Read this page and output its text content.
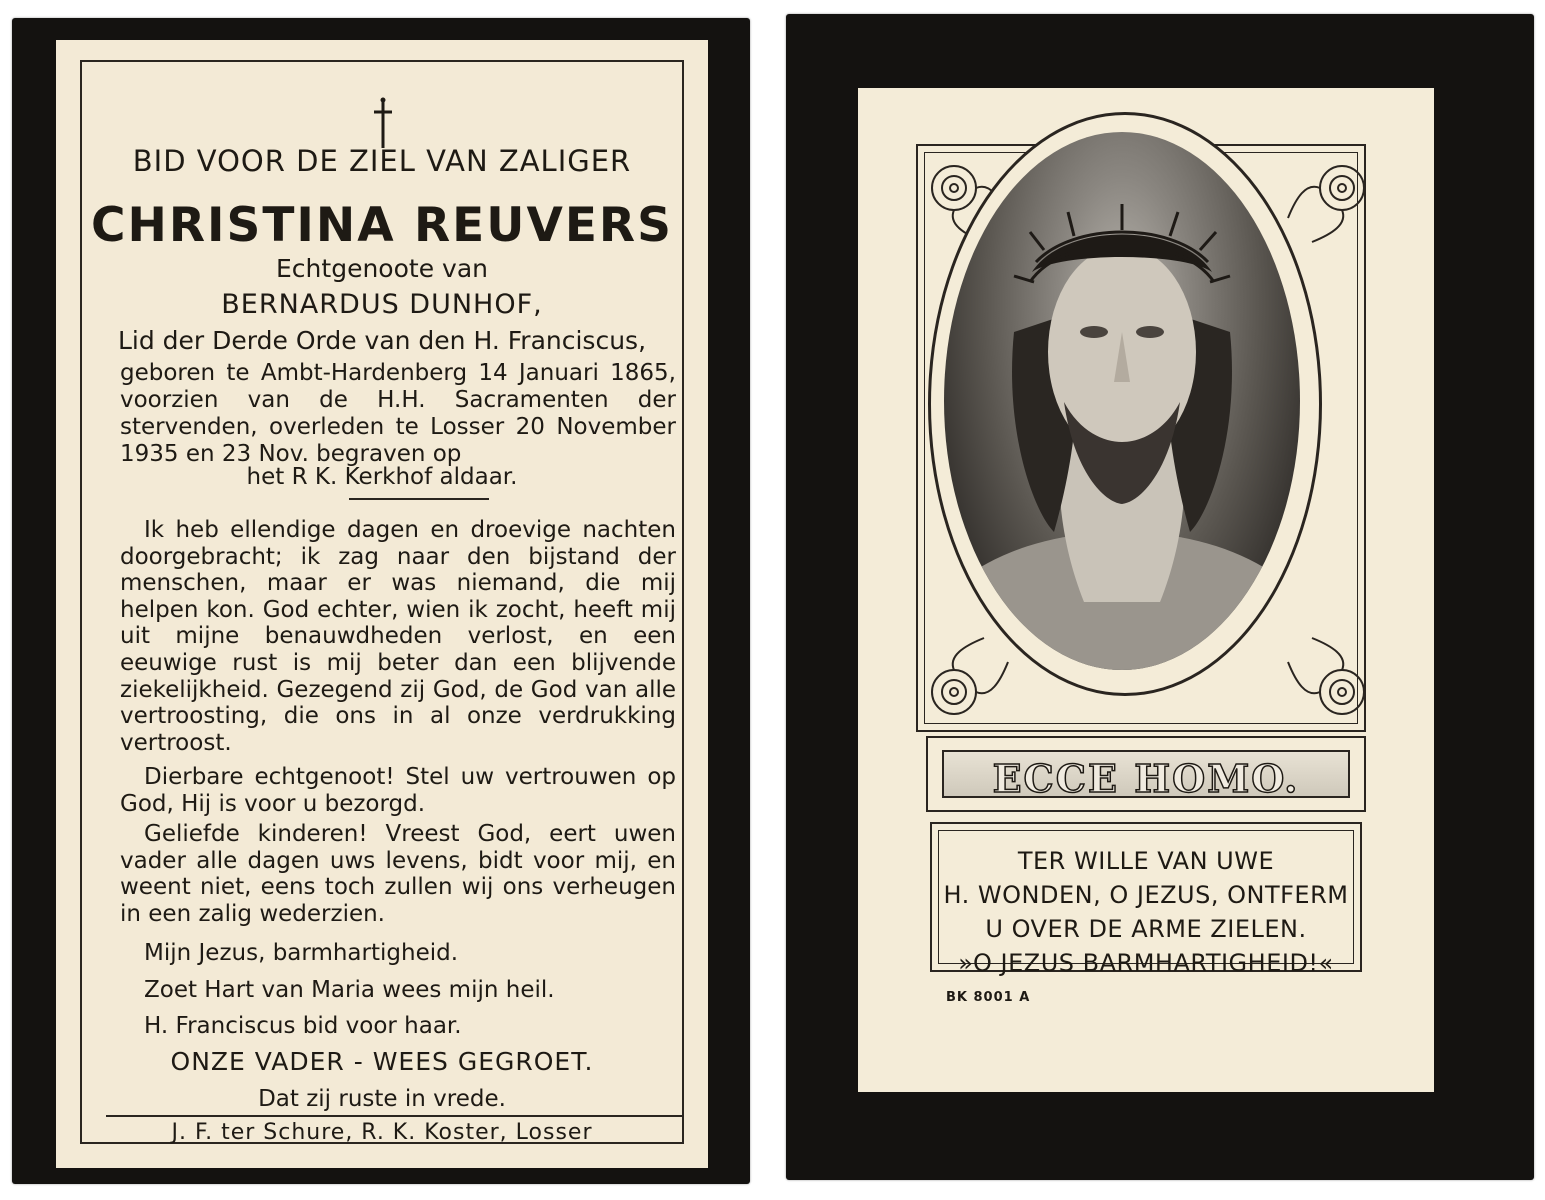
BID VOOR DE ZIEL VAN ZALIGER
CHRISTINA REUVERS
Echtgenoote van
BERNARDUS DUNHOF,
Lid der Derde Orde van den H. Franciscus,
geboren te Ambt-Hardenberg 14 Januari 1865, voorzien van de H.H. Sacramenten der stervenden, overleden te Losser 20 November 1935 en 23 Nov. begraven op
het R K. Kerkhof aldaar.
Ik heb ellendige dagen en droevige nachten doorgebracht; ik zag naar den bijstand der menschen, maar er was niemand, die mij helpen kon. God echter, wien ik zocht, heeft mij uit mijne benauwdheden verlost, en een eeuwige rust is mij beter dan een blijvende ziekelijkheid. Gezegend zij God, de God van alle vertroosting, die ons in al onze verdrukking vertroost.
Dierbare echtgenoot! Stel uw vertrouwen op God, Hij is voor u bezorgd.
Geliefde kinderen! Vreest God, eert uwen vader alle dagen uws levens, bidt voor mij, en weent niet, eens toch zullen wij ons verheugen in een zalig wederzien.
Mijn Jezus, barmhartigheid.
Zoet Hart van Maria wees mijn heil.
H. Franciscus bid voor haar.
ONZE VADER - WEES GEGROET.
Dat zij ruste in vrede.
J. F. ter Schure, R. K. Koster, Losser
ECCE HOMO.
TER WILLE VAN UWE
H. WONDEN, O JEZUS, ONTFERM
U OVER DE ARME ZIELEN.
»O JEZUS BARMHARTIGHEID!«
BK 8001 A
